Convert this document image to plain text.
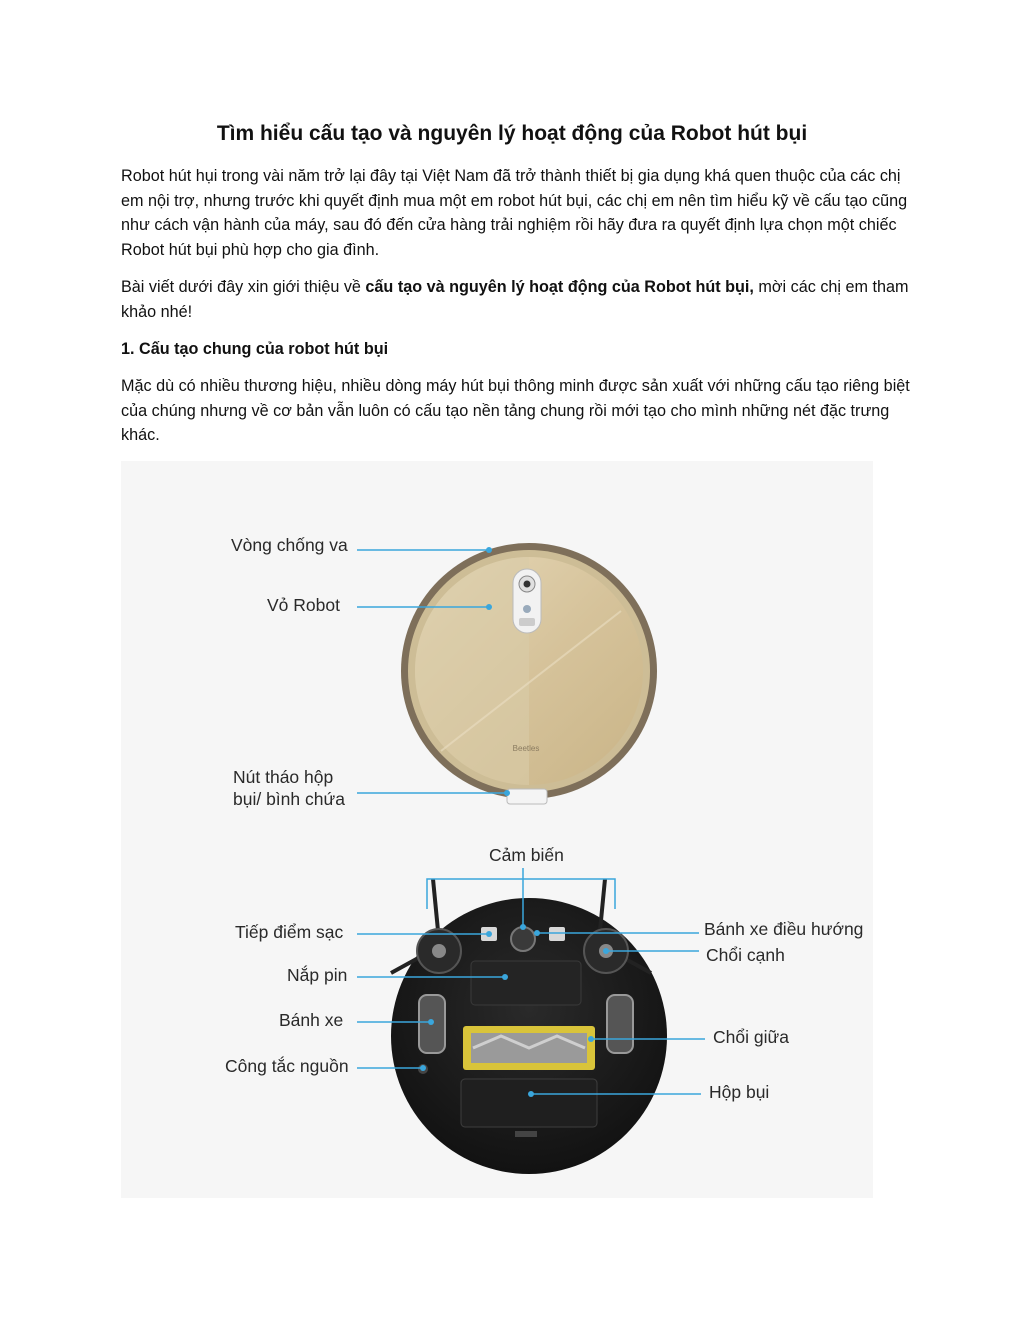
Tìm hiểu cấu tạo và nguyên lý hoạt động của Robot hút bụi

Robot hút hụi trong vài năm trở lại đây tại Việt Nam đã trở thành thiết bị gia dụng khá quen thuộc của các chị em nội trợ, nhưng trước khi quyết định mua một em robot hút bụi, các chị em nên tìm hiểu kỹ về cấu tạo cũng như cách vận hành của máy, sau đó đến cửa hàng trải nghiệm rồi hãy đưa ra quyết định lựa chọn một chiếc Robot hút bụi phù hợp cho gia đình.

Bài viết dưới đây xin giới thiệu về cấu tạo và nguyên lý hoạt động của Robot hút bụi, mời các chị em tham khảo nhé!

1. Cấu tạo chung của robot hút bụi

Mặc dù có nhiều thương hiệu, nhiều dòng máy hút bụi thông minh được sản xuất với những cấu tạo riêng biệt của chúng nhưng về cơ bản vẫn luôn có cấu tạo nền tảng chung rồi mới tạo cho mình những nét đặc trưng khác.

Beetles
Vòng chống va
Vỏ Robot
Nút tháo hộp
bụi/ bình chứa
Cảm biến
Tiếp điểm sạc
Nắp pin
Bánh xe
Công tắc nguồn
Bánh xe điều hướng
Chổi cạnh
Chổi giữa
Hộp bụi
